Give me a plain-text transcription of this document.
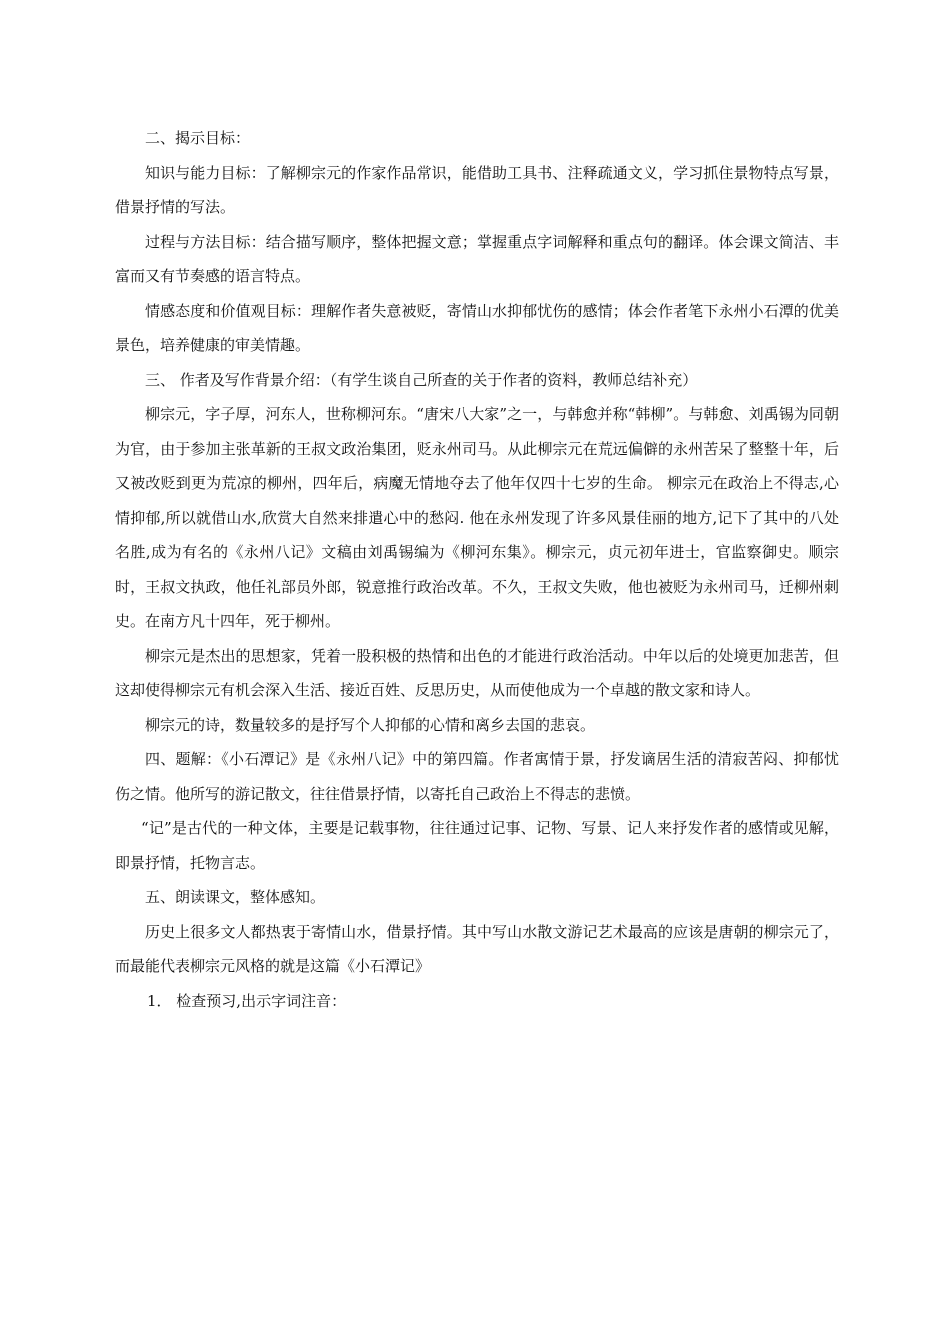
二、揭示目标：

知识与能力目标：了解柳宗元的作家作品常识，能借助工具书、注释疏通文义，学习抓住景物特点写景，借景抒情的写法。

过程与方法目标：结合描写顺序，整体把握文意；掌握重点字词解释和重点句的翻译。体会课文简洁、丰富而又有节奏感的语言特点。

情感态度和价值观目标：理解作者失意被贬，寄情山水抑郁忧伤的感情；体会作者笔下永州小石潭的优美景色，培养健康的审美情趣。

三、 作者及写作背景介绍：（有学生谈自己所查的关于作者的资料，教师总结补充）

柳宗元，字子厚，河东人，世称柳河东。“唐宋八大家”之一，与韩愈并称“韩柳”。与韩愈、刘禹锡为同朝为官，由于参加主张革新的王叔文政治集团，贬永州司马。从此柳宗元在荒远偏僻的永州苦呆了整整十年，后又被改贬到更为荒凉的柳州，四年后，病魔无情地夺去了他年仅四十七岁的生命。 柳宗元在政治上不得志,心情抑郁,所以就借山水,欣赏大自然来排遣心中的愁闷. 他在永州发现了许多风景佳丽的地方,记下了其中的八处名胜,成为有名的《永州八记》文稿由刘禹锡编为《柳河东集》。柳宗元，贞元初年进士，官监察御史。顺宗时，王叔文执政，他任礼部员外郎，锐意推行政治改革。不久，王叔文失败，他也被贬为永州司马，迁柳州刺史。在南方凡十四年，死于柳州。

柳宗元是杰出的思想家，凭着一股积极的热情和出色的才能进行政治活动。中年以后的处境更加悲苦，但这却使得柳宗元有机会深入生活、接近百姓、反思历史，从而使他成为一个卓越的散文家和诗人。

柳宗元的诗，数量较多的是抒写个人抑郁的心情和离乡去国的悲哀。

四、题解：《小石潭记》是《永州八记》中的第四篇。作者寓情于景，抒发谪居生活的清寂苦闷、抑郁忧伤之情。他所写的游记散文，往往借景抒情，以寄托自己政治上不得志的悲愤。

“记”是古代的一种文体，主要是记载事物，往往通过记事、记物、写景、记人来抒发作者的感情或见解，即景抒情，托物言志。

五、朗读课文，整体感知。

历史上很多文人都热衷于寄情山水，借景抒情。其中写山水散文游记艺术最高的应该是唐朝的柳宗元了，而最能代表柳宗元风格的就是这篇《小石潭记》

1． 检查预习,出示字词注音：
